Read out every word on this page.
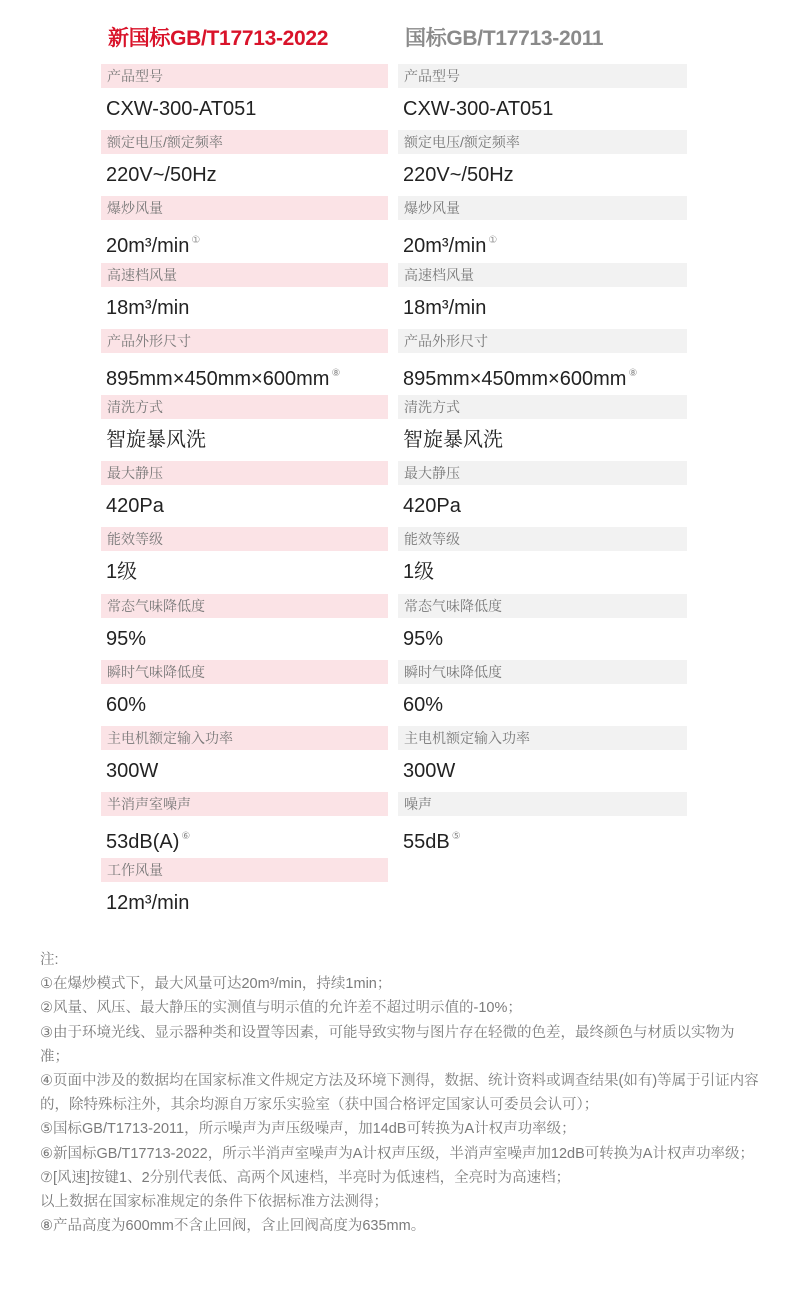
新国标GB/T17713-2022	国标GB/T17713-2011
产品型号
CXW-300-AT051
产品型号
CXW-300-AT051
额定电压/额定频率
220V~/50Hz
额定电压/额定频率
220V~/50Hz
爆炒风量
20m³/min ①
爆炒风量
20m³/min ①
高速档风量
18m³/min
高速档风量
18m³/min
产品外形尺寸
895mm×450mm×600mm ⑧
产品外形尺寸
895mm×450mm×600mm ⑧
清洗方式
智旋暴风洗
清洗方式
智旋暴风洗
最大静压
420Pa
最大静压
420Pa
能效等级
1级
能效等级
1级
常态气味降低度
95%
常态气味降低度
95%
瞬时气味降低度
60%
瞬时气味降低度
60%
主电机额定输入功率
300W
主电机额定输入功率
300W
半消声室噪声
53dB(A) ⑥
噪声
55dB ⑤
工作风量
12m³/min
注:
①在爆炒模式下，最大风量可达20m³/min，持续1min；
②风量、风压、最大静压的实测值与明示值的允许差不超过明示值的-10%；
③由于环境光线、显示器种类和设置等因素，可能导致实物与图片存在轻微的色差，最终颜色与材质以实物为准；
④页面中涉及的数据均在国家标准文件规定方法及环境下测得，数据、统计资料或调查结果(如有)等属于引证内容的，除特殊标注外，其余均源自万家乐实验室（获中国合格评定国家认可委员会认可）；
⑤国标GB/T1713-2011，所示噪声为声压级噪声，加14dB可转换为A计权声功率级；
⑥新国标GB/T17713-2022，所示半消声室噪声为A计权声压级，半消声室噪声加12dB可转换为A计权声功率级；
⑦[风速]按键1、2分别代表低、高两个风速档，半亮时为低速档，全亮时为高速档；
以上数据在国家标准规定的条件下依据标准方法测得；
⑧产品高度为600mm不含止回阀，含止回阀高度为635mm。
